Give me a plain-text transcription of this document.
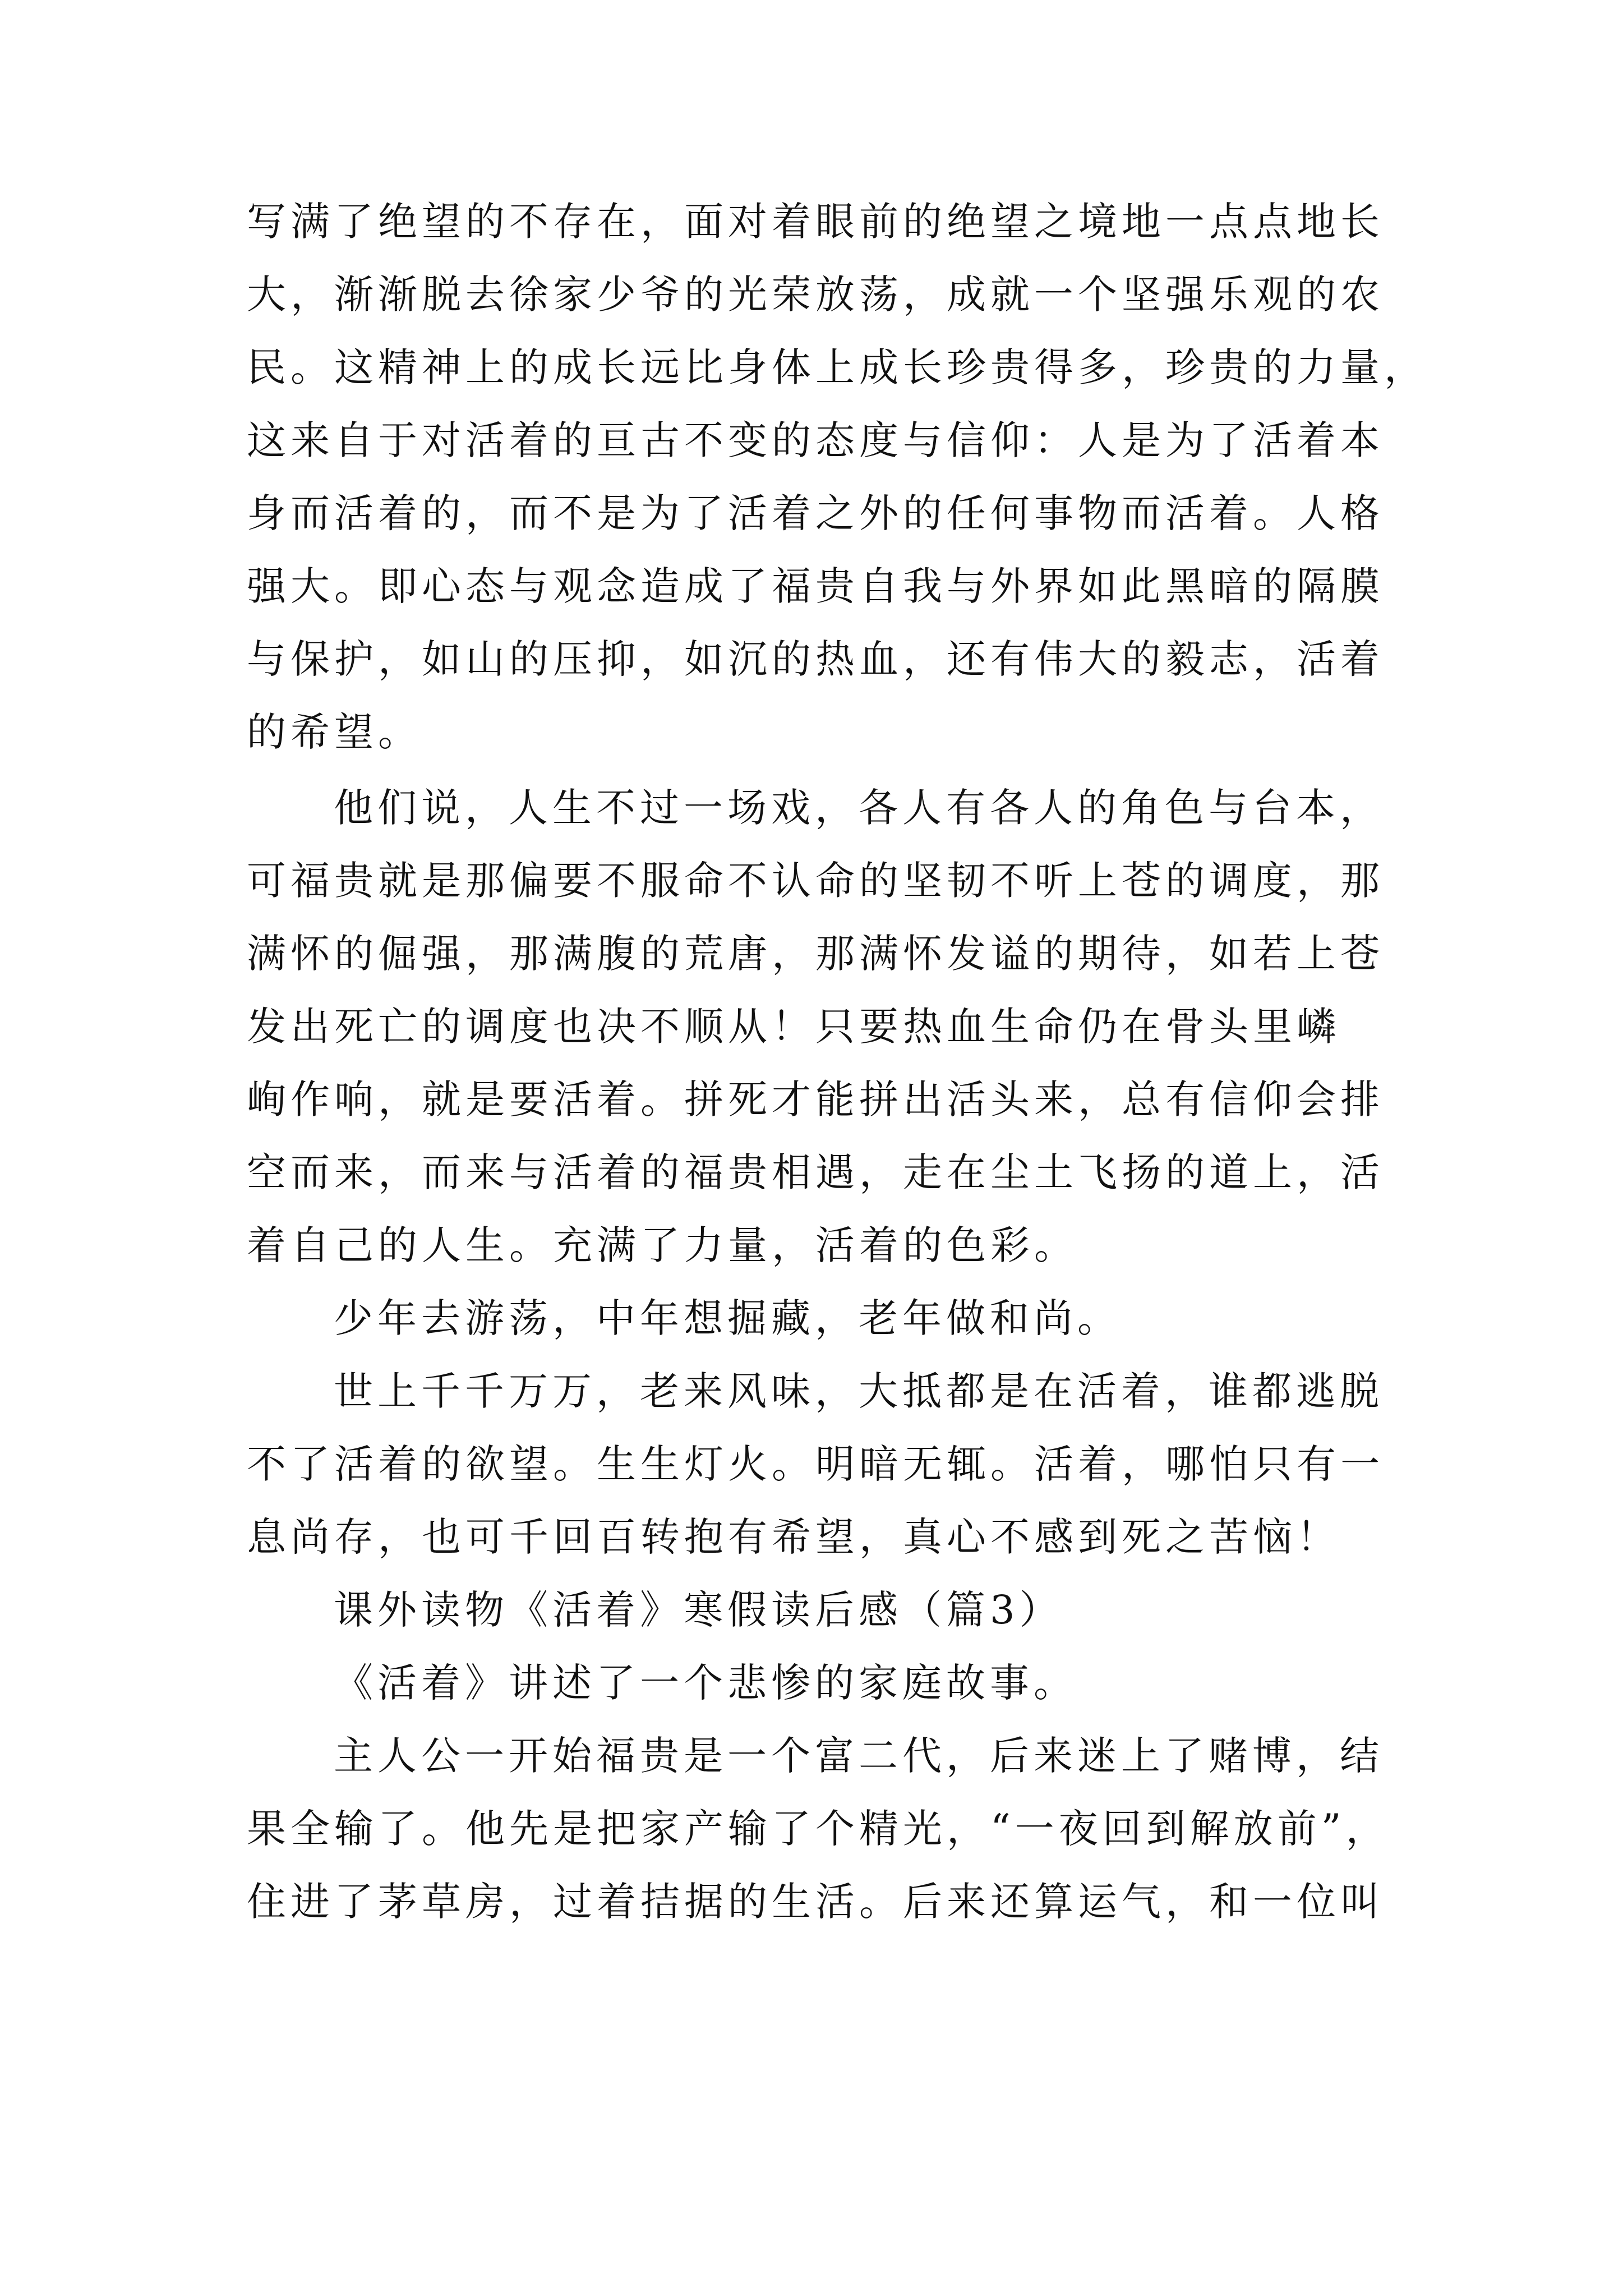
写满了绝望的不存在，面对着眼前的绝望之境地一点点地长
大，渐渐脱去徐家少爷的光荣放荡，成就一个坚强乐观的农
民。这精神上的成长远比身体上成长珍贵得多，珍贵的力量，
这来自于对活着的亘古不变的态度与信仰：人是为了活着本
身而活着的，而不是为了活着之外的任何事物而活着。人格
强大。即心态与观念造成了福贵自我与外界如此黑暗的隔膜
与保护，如山的压抑，如沉的热血，还有伟大的毅志，活着
的希望。
他们说，人生不过一场戏，各人有各人的角色与台本，
可福贵就是那偏要不服命不认命的坚韧不听上苍的调度，那
满怀的倔强，那满腹的荒唐，那满怀发谥的期待，如若上苍
发出死亡的调度也决不顺从！只要热血生命仍在骨头里嶙
峋作响，就是要活着。拼死才能拼出活头来，总有信仰会排
空而来，而来与活着的福贵相遇，走在尘土飞扬的道上，活
着自己的人生。充满了力量，活着的色彩。
少年去游荡，中年想掘藏，老年做和尚。
世上千千万万，老来风味，大抵都是在活着，谁都逃脱
不了活着的欲望。生生灯火。明暗无辄。活着，哪怕只有一
息尚存，也可千回百转抱有希望，真心不感到死之苦恼！
课外读物《活着》寒假读后感（篇3）
《活着》讲述了一个悲惨的家庭故事。
主人公一开始福贵是一个富二代，后来迷上了赌博，结
果全输了。他先是把家产输了个精光，“一夜回到解放前”，
住进了茅草房，过着拮据的生活。后来还算运气，和一位叫
